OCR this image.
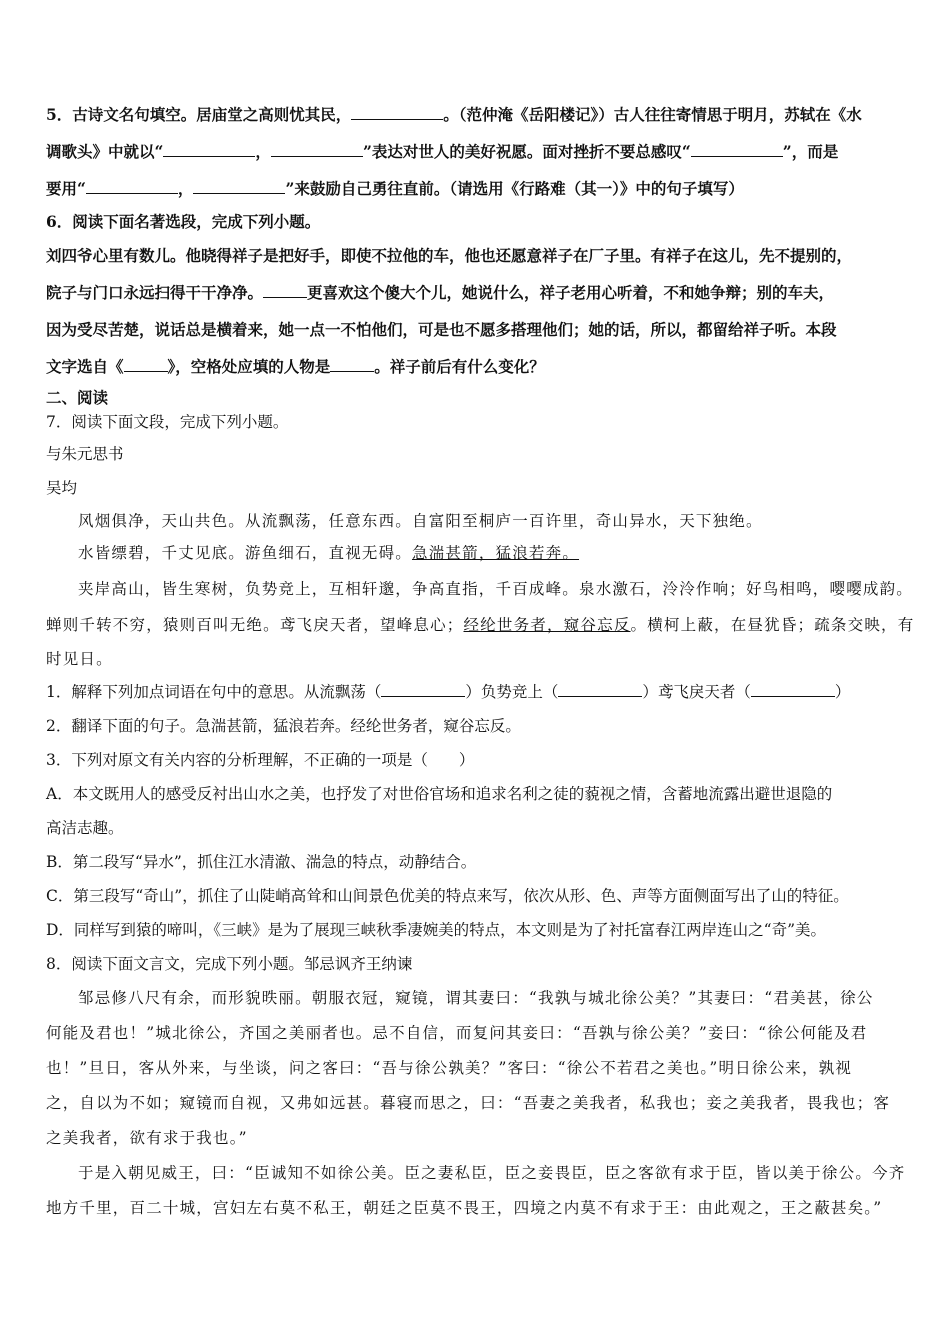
5．古诗文名句填空。居庙堂之高则忧其民，	。（范仲淹《岳阳楼记》）古人往往寄情思于明月，苏轼在《水

调歌头》中就以“	，	”表达对世人的美好祝愿。面对挫折不要总感叹“	”，而是

要用“	，	”来鼓励自己勇往直前。（请选用《行路难（其一）》中的句子填写）

6．阅读下面名著选段，完成下列小题。

刘四爷心里有数儿。他晓得祥子是把好手，即使不拉他的车，他也还愿意祥子在厂子里。有祥子在这儿，先不提别的，

院子与门口永远扫得干干净净。	更喜欢这个傻大个儿，她说什么，祥子老用心听着，不和她争辩；别的车夫，

因为受尽苦楚，说话总是横着来，她一点一不怕他们，可是也不愿多搭理他们；她的话，所以，都留给祥子听。本段

文字选自《	》，空格处应填的人物是	。祥子前后有什么变化？

二、阅读

7．阅读下面文段，完成下列小题。

与朱元思书

吴均

风烟俱净，天山共色。从流飘荡，任意东西。自富阳至桐庐一百许里，奇山异水，天下独绝。

水皆缥碧，千丈见底。游鱼细石，直视无碍。急湍甚箭，猛浪若奔。

夹岸高山，皆生寒树，负势竞上，互相轩邈，争高直指，千百成峰。泉水激石，泠泠作响；好鸟相鸣，嘤嘤成韵。

蝉则千转不穷，猿则百叫无绝。鸢飞戾天者，望峰息心；经纶世务者，窥谷忘反。横柯上蔽，在昼犹昏；疏条交映，有

时见日。

1．解释下列加点词语在句中的意思。从流飘荡（	）负势竞上（	）鸢飞戾天者（	）

2．翻译下面的句子。急湍甚箭，猛浪若奔。经纶世务者，窥谷忘反。

3．下列对原文有关内容的分析理解，不正确的一项是（　　）

A．本文既用人的感受反衬出山水之美，也抒发了对世俗官场和追求名利之徒的藐视之情，含蓄地流露出避世退隐的

高洁志趣。

B．第二段写“异水”，抓住江水清澈、湍急的特点，动静结合。

C．第三段写“奇山”，抓住了山陡峭高耸和山间景色优美的特点来写，依次从形、色、声等方面侧面写出了山的特征。

D．同样写到猿的啼叫，《三峡》是为了展现三峡秋季凄婉美的特点，本文则是为了衬托富春江两岸连山之“奇”美。

8．阅读下面文言文，完成下列小题。邹忌讽齐王纳谏

邹忌修八尺有余，而形貌昳丽。朝服衣冠，窥镜，谓其妻曰：“我孰与城北徐公美？”其妻曰：“君美甚，徐公

何能及君也！”城北徐公，齐国之美丽者也。忌不自信，而复问其妾曰：“吾孰与徐公美？”妾曰：“徐公何能及君

也！”旦日，客从外来，与坐谈，问之客曰：“吾与徐公孰美？”客曰：“徐公不若君之美也。”明日徐公来，孰视

之，自以为不如；窥镜而自视，又弗如远甚。暮寝而思之，曰：“吾妻之美我者，私我也；妾之美我者，畏我也；客

之美我者，欲有求于我也。”

于是入朝见威王，曰：“臣诚知不如徐公美。臣之妻私臣，臣之妾畏臣，臣之客欲有求于臣，皆以美于徐公。今齐

地方千里，百二十城，宫妇左右莫不私王，朝廷之臣莫不畏王，四境之内莫不有求于王：由此观之，王之蔽甚矣。”
